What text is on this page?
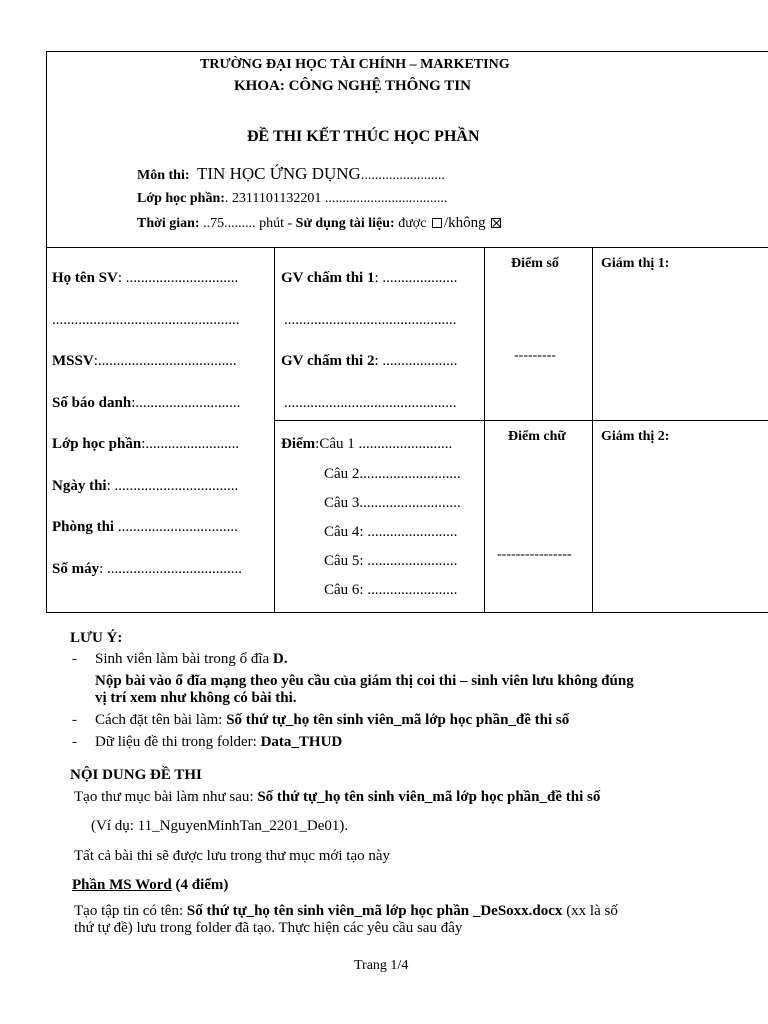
TRƯỜNG ĐẠI HỌC TÀI CHÍNH – MARKETING
KHOA: CÔNG NGHỆ THÔNG TIN
ĐỀ THI KẾT THÚC HỌC PHẦN
Môn thi: TIN HỌC ỨNG DỤNG........................
Lớp học phần:. 2311101132201 ...................................
Thời gian: ..75......... phút - Sử dụng tài liệu: được /không
Họ tên SV: ..............................
..................................................
MSSV:.....................................
Số báo danh:............................
Lớp học phần:.........................
Ngày thi: .................................
Phòng thi ................................
Số máy: ....................................
GV chấm thi 1: ....................
..............................................
GV chấm thi 2: ....................
..............................................
Điểm:Câu 1 .........................
Câu 2...........................
Câu 3...........................
Câu 4: ........................
Câu 5: ........................
Câu 6: ........................
Điểm số
---------
Điểm chữ
----------------
Giám thị 1:
Giám thị 2:
LƯU Ý:
- Sinh viên làm bài trong ổ đĩa D.
Nộp bài vào ổ đĩa mạng theo yêu cầu của giám thị coi thi – sinh viên lưu không đúng
vị trí xem như không có bài thi.
- Cách đặt tên bài làm: Số thứ tự_họ tên sinh viên_mã lớp học phần_đề thi số
- Dữ liệu đề thi trong folder: Data_THUD
NỘI DUNG ĐỀ THI
Tạo thư mục bài làm như sau: Số thứ tự_họ tên sinh viên_mã lớp học phần_đề thi số
(Ví dụ: 11_NguyenMinhTan_2201_De01).
Tất cả bài thi sẽ được lưu trong thư mục mới tạo này
Phần MS Word (4 điểm)
Tạo tập tin có tên: Số thứ tự_họ tên sinh viên_mã lớp học phần _DeSoxx.docx (xx là số
thứ tự đề) lưu trong folder đã tạo. Thực hiện các yêu cầu sau đây
Trang 1/4
